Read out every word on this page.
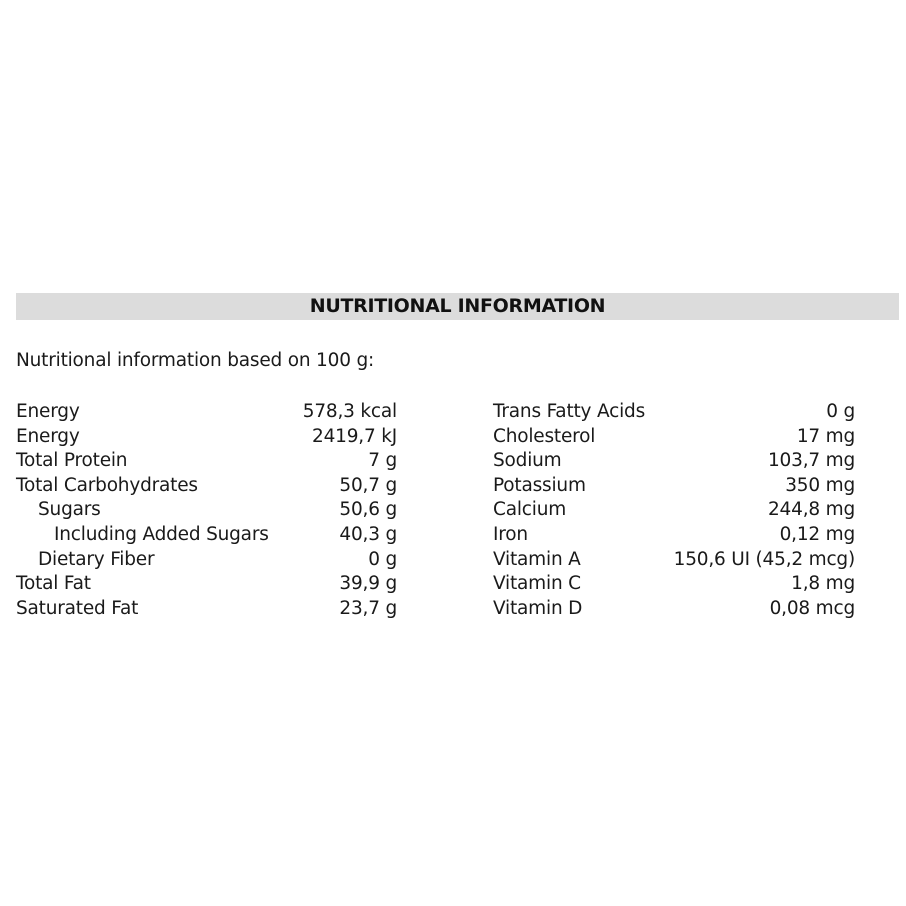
NUTRITIONAL INFORMATION
Nutritional information based on 100 g:
Energy	578,3 kcal
Energy	2419,7 kJ
Total Protein	7 g
Total Carbohydrates	50,7 g
Sugars	50,6 g
Including Added Sugars	40,3 g
Dietary Fiber	0 g
Total Fat	39,9 g
Saturated Fat	23,7 g
Trans Fatty Acids	0 g
Cholesterol	17 mg
Sodium	103,7 mg
Potassium	350 mg
Calcium	244,8 mg
Iron	0,12 mg
Vitamin A	150,6 UI (45,2 mcg)
Vitamin C	1,8 mg
Vitamin D	0,08 mcg
